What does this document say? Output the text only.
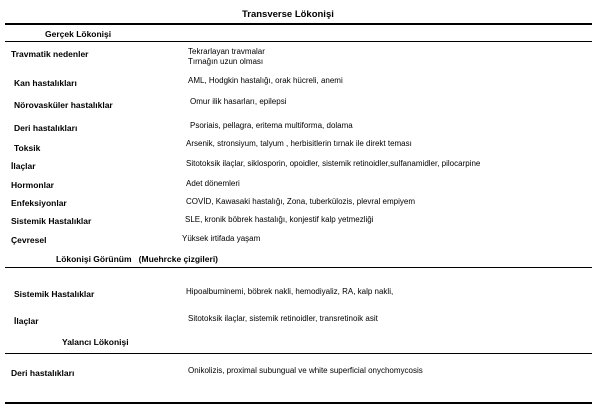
Transverse Lökonişi
Gerçek Lökonişi
Travmatik nedenler	Tekrarlayan travmalar
Tırnağın uzun olması
Kan hastalıkları	AML, Hodgkin hastalığı, orak hücreli, anemi
Nörovasküler hastalıklar	Omur ilik hasarları, epilepsi
Deri hastalıkları	Psoriais, pellagra, eritema multiforma, dolama
Toksik	Arsenik, stronsiyum, talyum , herbisitlerin tırnak ile direkt teması
İlaçlar	Sitotoksik ilaçlar, siklosporin, opoidler, sistemik retinoidler,sulfanamidler, pilocarpine
Hormonlar	Adet dönemleri
Enfeksiyonlar	COVİD, Kawasaki hastalığı, Zona, tuberkülozis, plevral empiyem
Sistemik Hastalıklar	SLE, kronik böbrek hastalığı, konjestif kalp yetmezliği
Çevresel	Yüksek irtifada yaşam
Lökonişi Görünüm (Muehrcke çizgileri)
Sistemik Hastalıklar	Hipoalbuminemi, böbrek nakli, hemodiyaliz, RA, kalp nakli,
İlaçlar	Sitotoksik ilaçlar, sistemik retinoidler, transretinoik asit
Yalancı Lökonişi
Deri hastalıkları	Onikolizis, proximal subungual ve white superficial onychomycosis
